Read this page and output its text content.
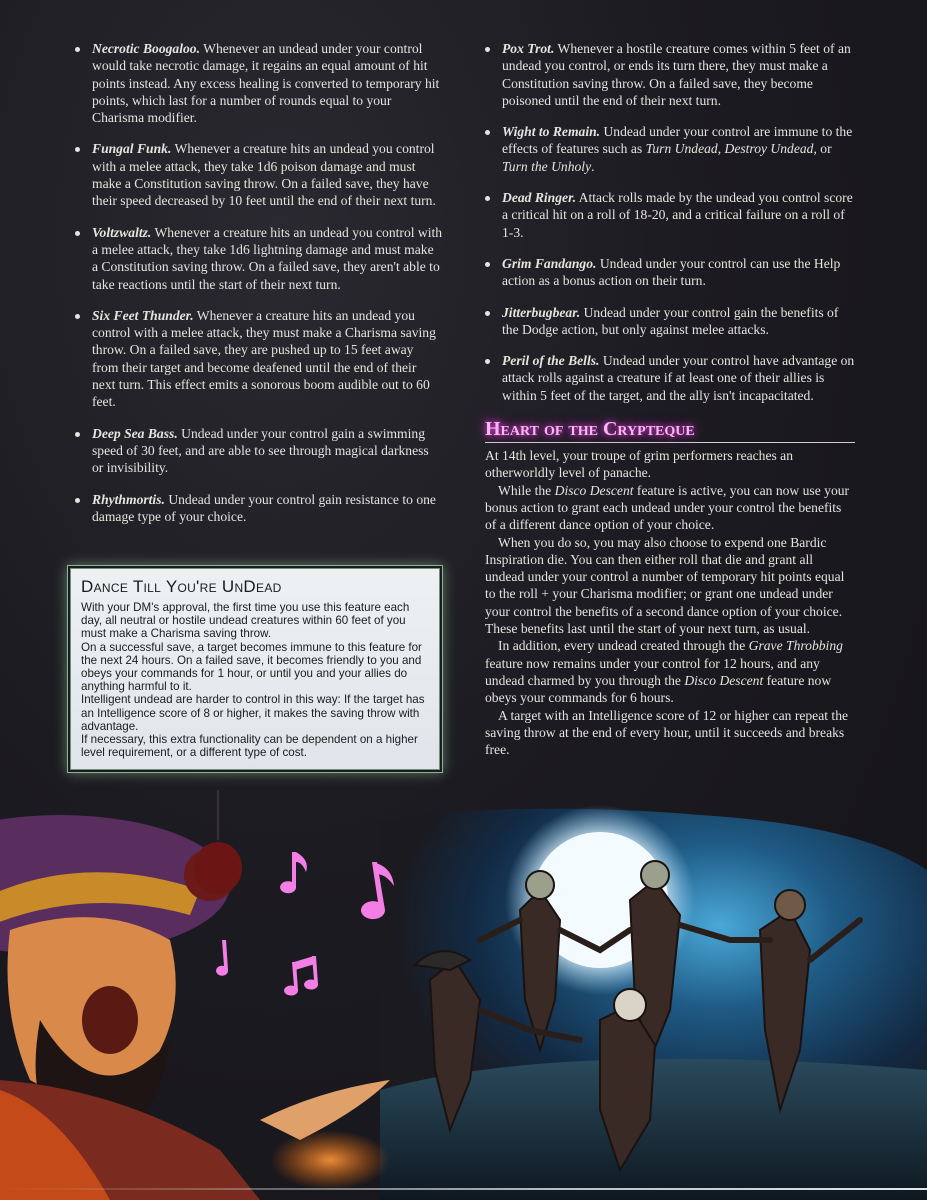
Necrotic Boogaloo. Whenever an undead under your control would take necrotic damage, it regains an equal amount of hit points instead. Any excess healing is converted to temporary hit points, which last for a number of rounds equal to your Charisma modifier.
Fungal Funk. Whenever a creature hits an undead you control with a melee attack, they take 1d6 poison damage and must make a Constitution saving throw. On a failed save, they have their speed decreased by 10 feet until the end of their next turn.
Voltzwaltz. Whenever a creature hits an undead you control with a melee attack, they take 1d6 lightning damage and must make a Constitution saving throw. On a failed save, they aren't able to take reactions until the start of their next turn.
Six Feet Thunder. Whenever a creature hits an undead you control with a melee attack, they must make a Charisma saving throw. On a failed save, they are pushed up to 15 feet away from their target and become deafened until the end of their next turn. This effect emits a sonorous boom audible out to 60 feet.
Deep Sea Bass. Undead under your control gain a swimming speed of 30 feet, and are able to see through magical darkness or invisibility.
Rhythmortis. Undead under your control gain resistance to one damage type of your choice.
Dance Till You're UnDead

With your DM's approval, the first time you use this feature each day, all neutral or hostile undead creatures within 60 feet of you must make a Charisma saving throw.

On a successful save, a target becomes immune to this feature for the next 24 hours. On a failed save, it becomes friendly to you and obeys your commands for 1 hour, or until you and your allies do anything harmful to it.

Intelligent undead are harder to control in this way: If the target has an Intelligence score of 8 or higher, it makes the saving throw with advantage.

If necessary, this extra functionality can be dependent on a higher level requirement, or a different type of cost.

Pox Trot. Whenever a hostile creature comes within 5 feet of an undead you control, or ends its turn there, they must make a Constitution saving throw. On a failed save, they become poisoned until the end of their next turn.
Wight to Remain. Undead under your control are immune to the effects of features such as Turn Undead, Destroy Undead, or Turn the Unholy.
Dead Ringer. Attack rolls made by the undead you control score a critical hit on a roll of 18-20, and a critical failure on a roll of 1-3.
Grim Fandango. Undead under your control can use the Help action as a bonus action on their turn.
Jitterbugbear. Undead under your control gain the benefits of the Dodge action, but only against melee attacks.
Peril of the Bells. Undead under your control have advantage on attack rolls against a creature if at least one of their allies is within 5 feet of the target, and the ally isn't incapacitated.
Heart of the Crypteque

At 14th level, your troupe of grim performers reaches an otherworldly level of panache.

While the Disco Descent feature is active, you can now use your bonus action to grant each undead under your control the benefits of a different dance option of your choice.

When you do so, you may also choose to expend one Bardic Inspiration die. You can then either roll that die and grant all undead under your control a number of temporary hit points equal to the roll + your Charisma modifier; or grant one undead under your control the benefits of a second dance option of your choice. These benefits last until the start of your next turn, as usual.

In addition, every undead created through the Grave Throbbing feature now remains under your control for 12 hours, and any undead charmed by you through the Disco Descent feature now obeys your commands for 6 hours.

A target with an Intelligence score of 12 or higher can repeat the saving throw at the end of every hour, until it succeeds and breaks free.
